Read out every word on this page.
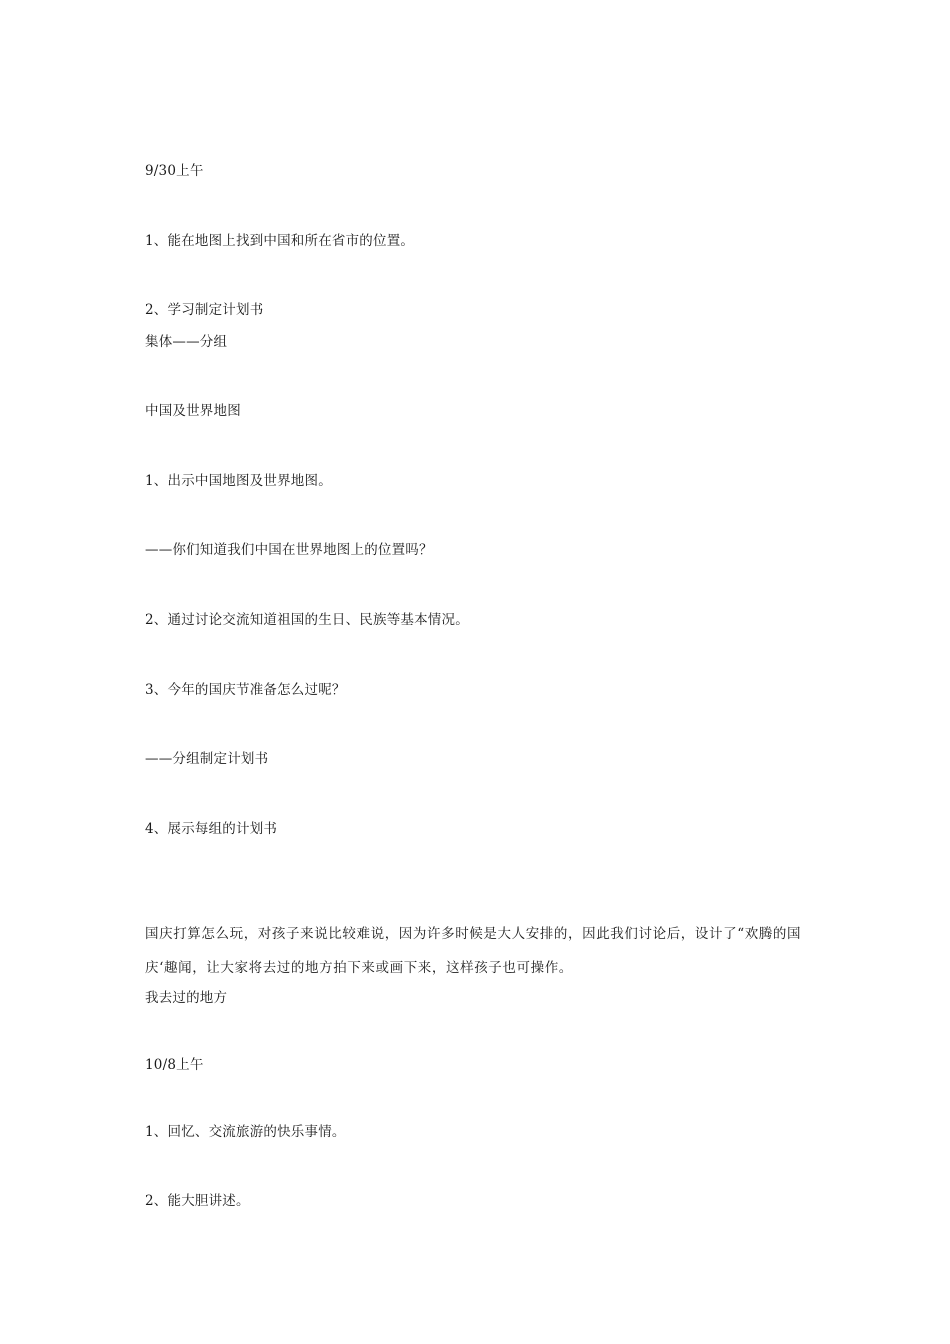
9/30上午
1、能在地图上找到中国和所在省市的位置。
2、学习制定计划书
集体——分组
中国及世界地图
1、出示中国地图及世界地图。
——你们知道我们中国在世界地图上的位置吗？
2、通过讨论交流知道祖国的生日、民族等基本情况。
3、今年的国庆节准备怎么过呢？
——分组制定计划书
4、展示每组的计划书
国庆打算怎么玩，对孩子来说比较难说，因为许多时候是大人安排的，因此我们讨论后，设计了“欢腾的国庆‘趣闻，让大家将去过的地方拍下来或画下来，这样孩子也可操作。
我去过的地方
10/8上午
1、回忆、交流旅游的快乐事情。
2、能大胆讲述。
